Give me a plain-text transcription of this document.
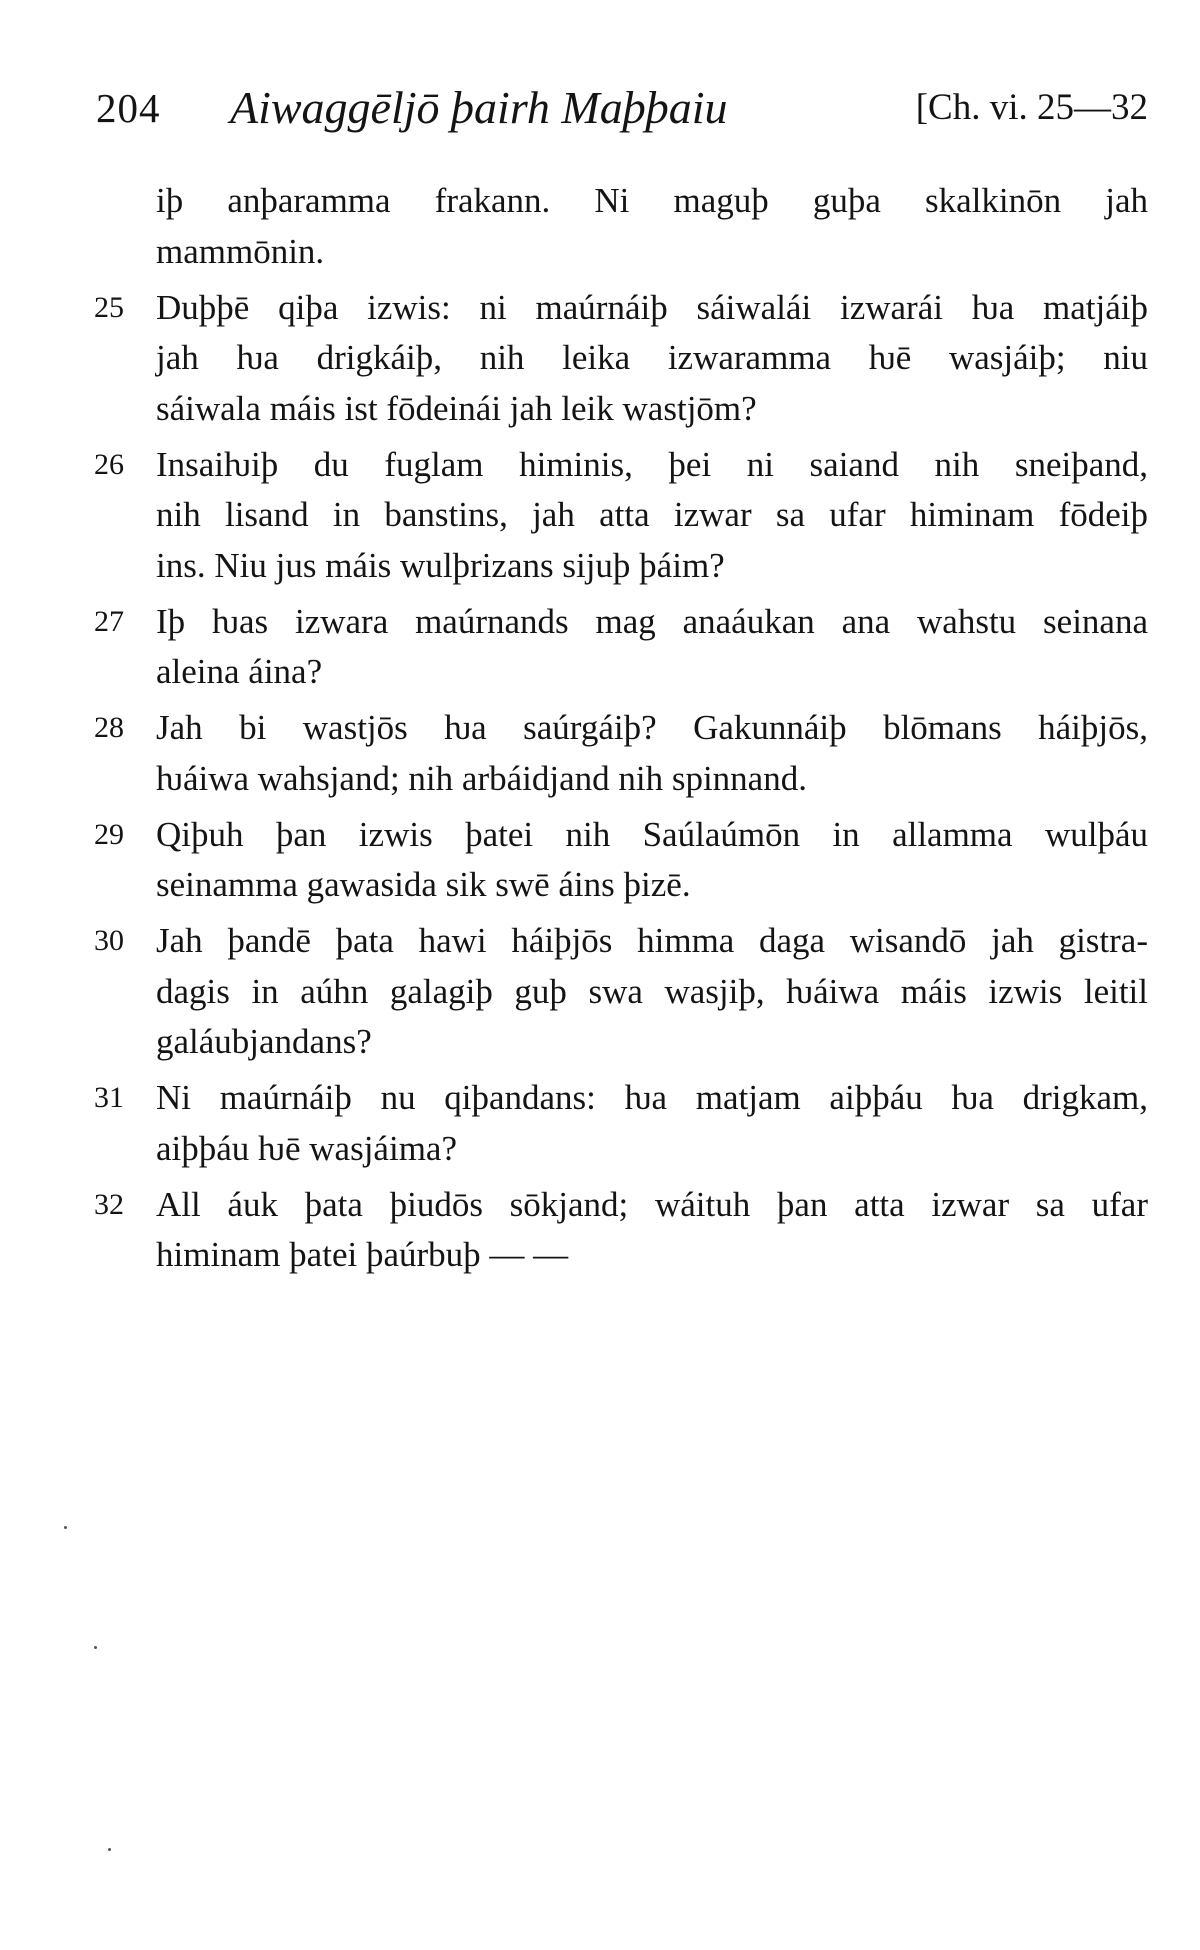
204 Aiwaggēljō þairh Maþþaiu	[Ch. vi. 25—32
iþ anþaramma frakann. Ni maguþ guþa skalkinōn jah
mammōnin.
25 Duþþē qiþa izwis: ni maúrnáiþ sáiwalái izwarái ƕa matjáiþ
jah ƕa drigkáiþ, nih leika izwaramma ƕē wasjáiþ; niu
sáiwala máis ist fōdeinái jah leik wastjōm?
26 Insaiƕiþ du fuglam himinis, þei ni saiand nih sneiþand,
nih lisand in banstins, jah atta izwar sa ufar himinam fōdeiþ
ins. Niu jus máis wulþrizans sijuþ þáim?
27 Iþ ƕas izwara maúrnands mag anaáukan ana wahstu seinana
aleina áina?
28 Jah bi wastjōs ƕa saúrgáiþ? Gakunnáiþ blōmans háiþjōs,
ƕáiwa wahsjand; nih arbáidjand nih spinnand.
29 Qiþuh þan izwis þatei nih Saúlaúmōn in allamma wulþáu
seinamma gawasida sik swē áins þizē.
30 Jah þandē þata hawi háiþjōs himma daga wisandō jah gistra-
dagis in aúhn galagiþ guþ swa wasjiþ, ƕáiwa máis izwis leitil
galáubjandans?
31 Ni maúrnáiþ nu qiþandans: ƕa matjam aiþþáu ƕa drigkam,
aiþþáu ƕē wasjáima?
32 All áuk þata þiudōs sōkjand; wáituh þan atta izwar sa ufar
himinam þatei þaúrbuþ — —
